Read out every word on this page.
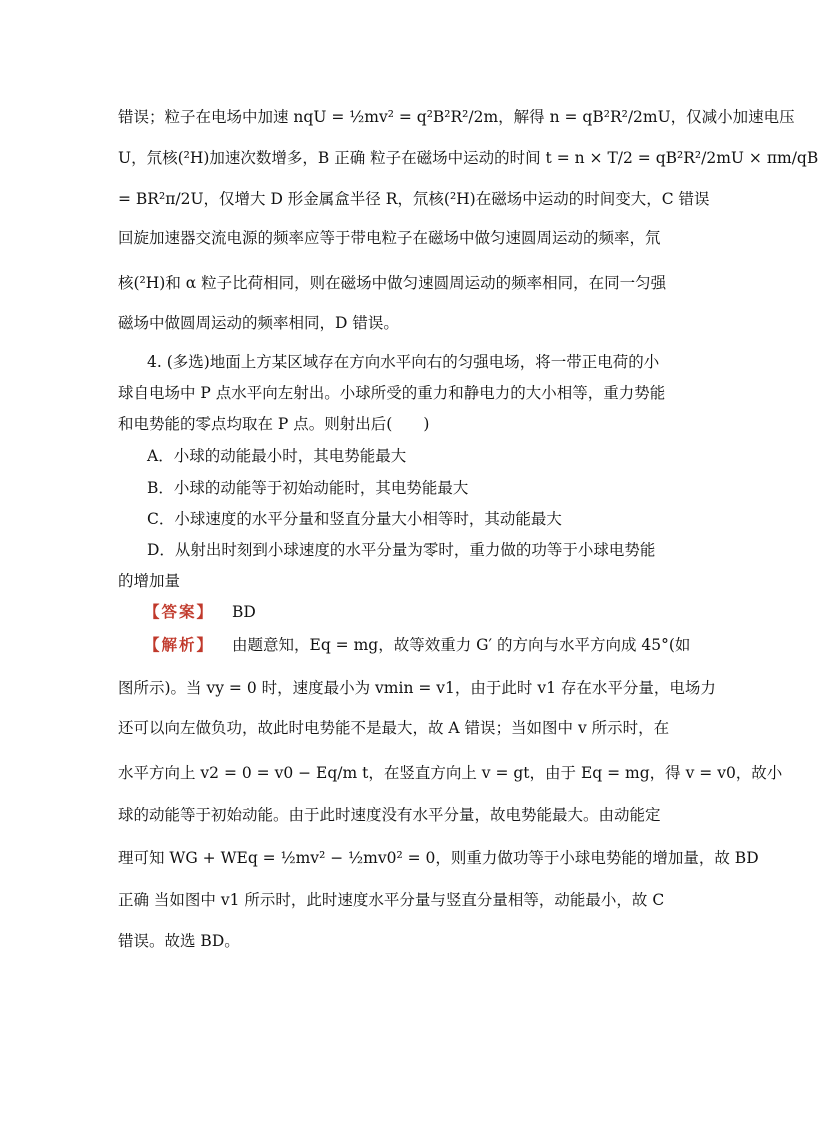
错误；粒子在电场中加速 nqU = ½mv² = q²B²R²/2m，解得 n = qB²R²/2mU，仅减小加速电压
U，氘核(²H)加速次数增多，B 正确 粒子在磁场中运动的时间 t = n × T/2 = qB²R²/2mU × πm/qB
= BR²π/2U，仅增大 D 形金属盒半径 R，氘核(²H)在磁场中运动的时间变大，C 错误
回旋加速器交流电源的频率应等于带电粒子在磁场中做匀速圆周运动的频率，氘
核(²H)和 α 粒子比荷相同，则在磁场中做匀速圆周运动的频率相同，在同一匀强
磁场中做圆周运动的频率相同，D 错误。
4. (多选)地面上方某区域存在方向水平向右的匀强电场，将一带正电荷的小
球自电场中 P 点水平向左射出。小球所受的重力和静电力的大小相等，重力势能
和电势能的零点均取在 P 点。则射出后(　　)
A．小球的动能最小时，其电势能最大
B．小球的动能等于初始动能时，其电势能最大
C．小球速度的水平分量和竖直分量大小相等时，其动能最大
D．从射出时刻到小球速度的水平分量为零时，重力做的功等于小球电势能
的增加量
【答案】 BD
【解析】 由题意知，Eq = mg，故等效重力 G′ 的方向与水平方向成 45°(如
图所示)。当 vy = 0 时，速度最小为 vmin = v1，由于此时 v1 存在水平分量，电场力
还可以向左做负功，故此时电势能不是最大，故 A 错误；当如图中 v 所示时，在
水平方向上 v2 = 0 = v0 − Eq/m t，在竖直方向上 v = gt，由于 Eq = mg，得 v = v0，故小
球的动能等于初始动能。由于此时速度没有水平分量，故电势能最大。由动能定
理可知 WG + WEq = ½mv² − ½mv0² = 0，则重力做功等于小球电势能的增加量，故 BD
正确 当如图中 v1 所示时，此时速度水平分量与竖直分量相等，动能最小，故 C
错误。故选 BD。
